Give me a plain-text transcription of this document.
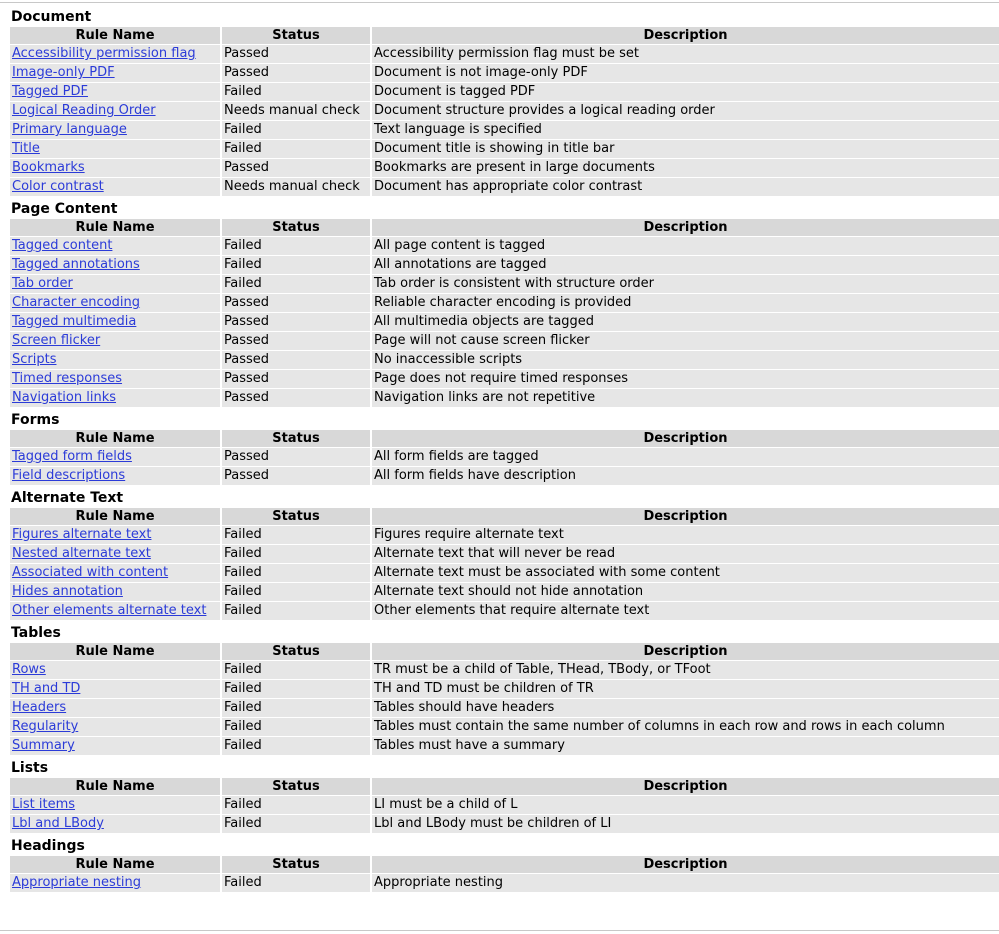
Document
Rule Name	Status	Description
Accessibility permission flag	Passed	Accessibility permission flag must be set
Image-only PDF	Passed	Document is not image-only PDF
Tagged PDF	Failed	Document is tagged PDF
Logical Reading Order	Needs manual check	Document structure provides a logical reading order
Primary language	Failed	Text language is specified
Title	Failed	Document title is showing in title bar
Bookmarks	Passed	Bookmarks are present in large documents
Color contrast	Needs manual check	Document has appropriate color contrast
Page Content
Rule Name	Status	Description
Tagged content	Failed	All page content is tagged
Tagged annotations	Failed	All annotations are tagged
Tab order	Failed	Tab order is consistent with structure order
Character encoding	Passed	Reliable character encoding is provided
Tagged multimedia	Passed	All multimedia objects are tagged
Screen flicker	Passed	Page will not cause screen flicker
Scripts	Passed	No inaccessible scripts
Timed responses	Passed	Page does not require timed responses
Navigation links	Passed	Navigation links are not repetitive
Forms
Rule Name	Status	Description
Tagged form fields	Passed	All form fields are tagged
Field descriptions	Passed	All form fields have description
Alternate Text
Rule Name	Status	Description
Figures alternate text	Failed	Figures require alternate text
Nested alternate text	Failed	Alternate text that will never be read
Associated with content	Failed	Alternate text must be associated with some content
Hides annotation	Failed	Alternate text should not hide annotation
Other elements alternate text	Failed	Other elements that require alternate text
Tables
Rule Name	Status	Description
Rows	Failed	TR must be a child of Table, THead, TBody, or TFoot
TH and TD	Failed	TH and TD must be children of TR
Headers	Failed	Tables should have headers
Regularity	Failed	Tables must contain the same number of columns in each row and rows in each column
Summary	Failed	Tables must have a summary
Lists
Rule Name	Status	Description
List items	Failed	LI must be a child of L
Lbl and LBody	Failed	Lbl and LBody must be children of LI
Headings
Rule Name	Status	Description
Appropriate nesting	Failed	Appropriate nesting
